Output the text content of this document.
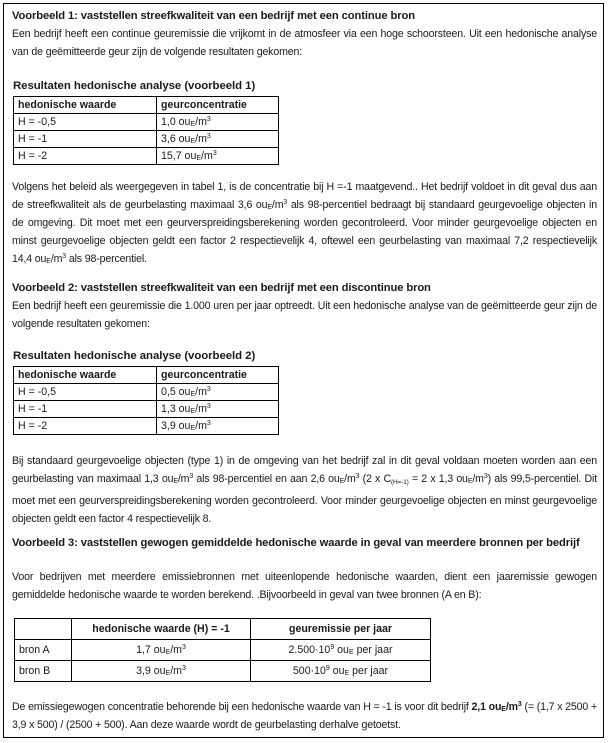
Voorbeeld 1: vaststellen streefkwaliteit van een bedrijf met een continue bron
Een bedrijf heeft een continue geuremissie die vrijkomt in de atmosfeer via een hoge schoorsteen. Uit een hedonische analyse van de geëmitteerde geur zijn de volgende resultaten gekomen:
Resultaten hedonische analyse (voorbeeld 1)
hedonische waarde	geurconcentratie
H = -0,5	1,0 $ou_E/m^3$
H = -1	3,6 $ou_E/m^3$
H = -2	15,7 $ou_E/m^3$
Volgens het beleid als weergegeven in tabel 1, is de concentratie bij H =-1 maatgevend.. Het bedrijf voldoet in dit geval dus aan de streefkwaliteit als de geurbelasting maximaal 3,6 $ou_E/m^3$ als 98-percentiel bedraagt bij standaard geurgevoelige objecten in de omgeving. Dit moet met een geurverspreidingsberekening worden gecontroleerd. Voor minder geurgevoelige objecten en minst geurgevoelige objecten geldt een factor 2 respectievelijk 4, oftewel een geurbelasting van maximaal 7,2 respectievelijk 14,4 $ou_E/m^3$ als 98-percentiel.
Voorbeeld 2: vaststellen streefkwaliteit van een bedrijf met een discontinue bron
Een bedrijf heeft een geuremissie die 1.000 uren per jaar optreedt. Uit een hedonische analyse van de geëmitteerde geur zijn de volgende resultaten gekomen:
Resultaten hedonische analyse (voorbeeld 2)
hedonische waarde	geurconcentratie
H = -0,5	0,5 $ou_E/m^3$
H = -1	1,3 $ou_E/m^3$
H = -2	3,9 $ou_E/m^3$
Bij standaard geurgevoelige objecten (type 1) in de omgeving van het bedrijf zal in dit geval voldaan moeten worden aan een geurbelasting van maximaal 1,3 $ou_E/m^3$ als 98-percentiel en aan 2,6 $ou_E/m^3$ (2 x C(H=-1) = 2 x 1,3 $ou_E/m^3$) als 99,5-percentiel. Dit moet met een geurverspreidingsberekening worden gecontroleerd. Voor minder geurgevoelige objecten en minst geurgevoelige objecten geldt een factor 4 respectievelijk 8.
Voorbeeld 3: vaststellen gewogen gemiddelde hedonische waarde in geval van meerdere bronnen per bedrijf
Voor bedrijven met meerdere emissiebronnen met uiteenlopende hedonische waarden, dient een jaaremissie gewogen gemiddelde hedonische waarde te worden berekend. .Bijvoorbeeld in geval van twee bronnen (A en B):
	hedonische waarde (H) = -1	geuremissie per jaar
bron A	1,7 $ou_E/m^3$	$2.500\cdot 10^9$ $ou_E$ per jaar
bron B	3,9 $ou_E/m^3$	$500\cdot 10^9$ $ou_E$ per jaar
De emissiegewogen concentratie behorende bij een hedonische waarde van H = -1 is voor dit bedrijf 2,1 $ou_E/m^3$ (= (1,7 x 2500 + 3,9 x 500) / (2500 + 500). Aan deze waarde wordt de geurbelasting derhalve getoetst.
